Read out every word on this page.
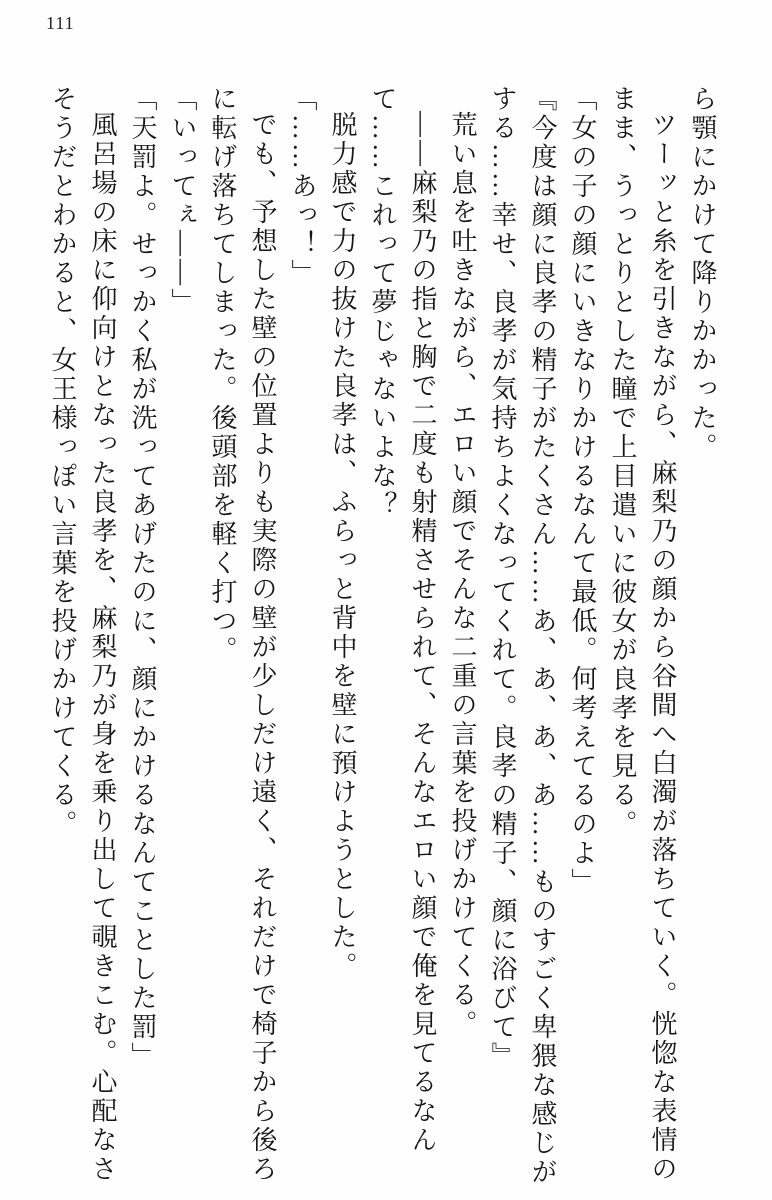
111

ら顎にかけて降りかかった。

ツーッと糸を引きながら、麻梨乃の顔から谷間へ白濁が落ちていく。恍惚な表情のまま、うっとりとした瞳で上目遣いに彼女が良孝を見る。

「女の子の顔にいきなりかけるなんて最低。何考えてるのよ」

『今度は顔に良孝の精子がたくさん……あ、あ、あ、あ……ものすごく卑猥な感じがする……幸せ、良孝が気持ちよくなってくれて。良孝の精子、顔に浴びて』

荒い息を吐きながら、エロい顔でそんな二重の言葉を投げかけてくる。

――麻梨乃の指と胸で二度も射精させられて、そんなエロい顔で俺を見てるなんて……これって夢じゃないよな？

脱力感で力の抜けた良孝は、ふらっと背中を壁に預けようとした。

「……あっ！」

でも、予想した壁の位置よりも実際の壁が少しだけ遠く、それだけで椅子から後ろに転げ落ちてしまった。後頭部を軽く打つ。

「いってぇ――」

「天罰よ。せっかく私が洗ってあげたのに、顔にかけるなんてことした罰」

風呂場の床に仰向けとなった良孝を、麻梨乃が身を乗り出して覗きこむ。心配なさそうだとわかると、女王様っぽい言葉を投げかけてくる。
